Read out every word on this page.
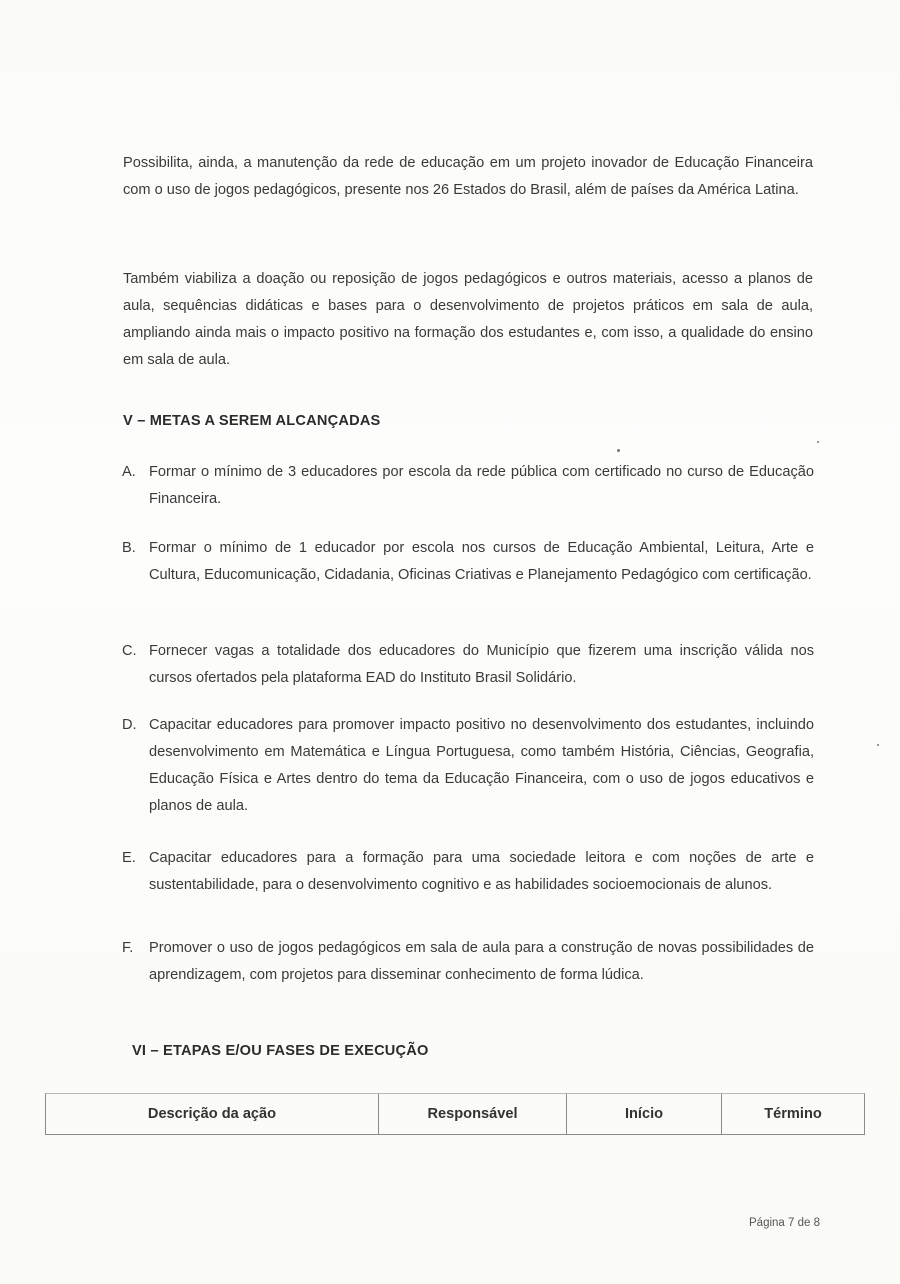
Possibilita, ainda, a manutenção da rede de educação em um projeto inovador de Educação Financeira com o uso de jogos pedagógicos, presente nos 26 Estados do Brasil, além de países da América Latina.

Também viabiliza a doação ou reposição de jogos pedagógicos e outros materiais, acesso a planos de aula, sequências didáticas e bases para o desenvolvimento de projetos práticos em sala de aula, ampliando ainda mais o impacto positivo na formação dos estudantes e, com isso, a qualidade do ensino em sala de aula.

V – METAS A SEREM ALCANÇADAS
A. Formar o mínimo de 3 educadores por escola da rede pública com certificado no curso de Educação Financeira.
B. Formar o mínimo de 1 educador por escola nos cursos de Educação Ambiental, Leitura, Arte e Cultura, Educomunicação, Cidadania, Oficinas Criativas e Planejamento Pedagógico com certificação.
C. Fornecer vagas a totalidade dos educadores do Município que fizerem uma inscrição válida nos cursos ofertados pela plataforma EAD do Instituto Brasil Solidário.
D. Capacitar educadores para promover impacto positivo no desenvolvimento dos estudantes, incluindo desenvolvimento em Matemática e Língua Portuguesa, como também História, Ciências, Geografia, Educação Física e Artes dentro do tema da Educação Financeira, com o uso de jogos educativos e planos de aula.
E. Capacitar educadores para a formação para uma sociedade leitora e com noções de arte e sustentabilidade, para o desenvolvimento cognitivo e as habilidades socioemocionais de alunos.
F.	Promover o uso de jogos pedagógicos em sala de aula para a construção de novas possibilidades de aprendizagem, com projetos para disseminar conhecimento de forma lúdica.
VI – ETAPAS E/OU FASES DE EXECUÇÃO
Descrição da ação	Responsável	Início	Término
Página 7 de 8
